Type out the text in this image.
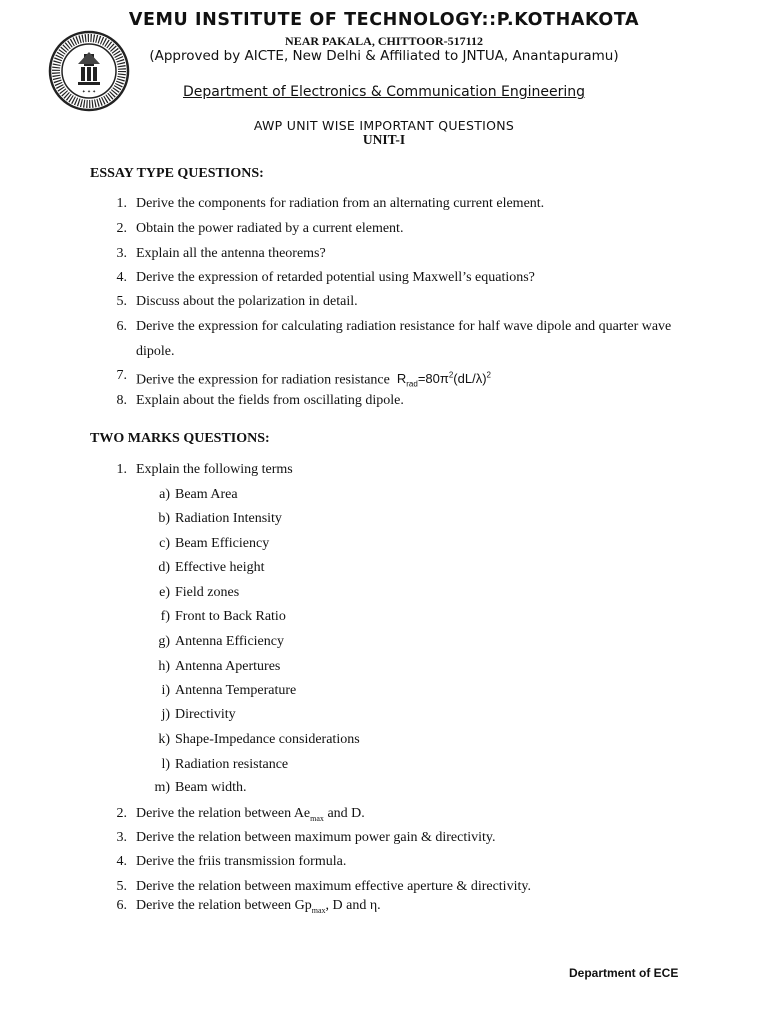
✦ ✦ ✦
VEMU INSTITUTE OF TECHNOLOGY::P.KOTHAKOTA
NEAR PAKALA, CHITTOOR-517112
(Approved by AICTE, New Delhi & Affiliated to JNTUA, Anantapuramu)
Department of Electronics & Communication Engineering
AWP UNIT WISE IMPORTANT QUESTIONS
UNIT-I
ESSAY TYPE QUESTIONS:
1. Derive the components for radiation from an alternating current element.
2. Obtain the power radiated by a current element.
3. Explain all the antenna theorems?
4. Derive the expression of retarded potential using Maxwell’s equations?
5. Discuss about the polarization in detail.
6. Derive the expression for calculating radiation resistance for half wave dipole and quarter wave
dipole.
7. Derive the expression for radiation resistance $R_{rad}=80\pi^2(dL/\lambda)^2$
8. Explain about the fields from oscillating dipole.
TWO MARKS QUESTIONS:
1. Explain the following terms
a) Beam Area
b) Radiation Intensity
c) Beam Efficiency
d) Effective height
e) Field zones
f) Front to Back Ratio
g) Antenna Efficiency
h) Antenna Apertures
i) Antenna Temperature
j) Directivity
k) Shape-Impedance considerations
l) Radiation resistance
m) Beam width.
2. Derive the relation between $Ae_{max}$ and D.
3. Derive the relation between maximum power gain & directivity.
4. Derive the friis transmission formula.
5. Derive the relation between maximum effective aperture & directivity.
6. Derive the relation between $Gp_{max}$, D and η.
Department of ECE
